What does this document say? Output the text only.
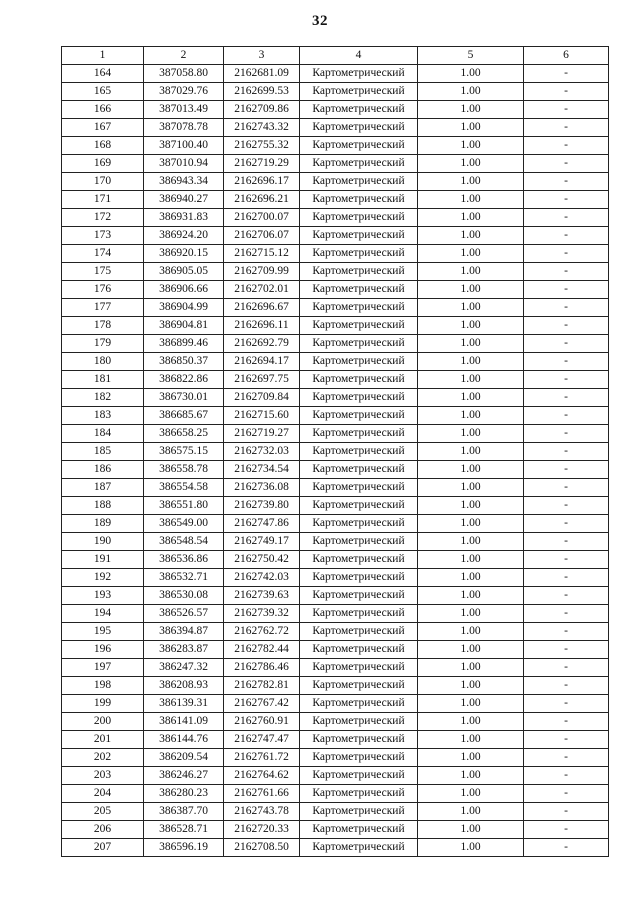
32
1	2	3	4	5	6
164	387058.80	2162681.09	Картометрический	1.00	-
165	387029.76	2162699.53	Картометрический	1.00	-
166	387013.49	2162709.86	Картометрический	1.00	-
167	387078.78	2162743.32	Картометрический	1.00	-
168	387100.40	2162755.32	Картометрический	1.00	-
169	387010.94	2162719.29	Картометрический	1.00	-
170	386943.34	2162696.17	Картометрический	1.00	-
171	386940.27	2162696.21	Картометрический	1.00	-
172	386931.83	2162700.07	Картометрический	1.00	-
173	386924.20	2162706.07	Картометрический	1.00	-
174	386920.15	2162715.12	Картометрический	1.00	-
175	386905.05	2162709.99	Картометрический	1.00	-
176	386906.66	2162702.01	Картометрический	1.00	-
177	386904.99	2162696.67	Картометрический	1.00	-
178	386904.81	2162696.11	Картометрический	1.00	-
179	386899.46	2162692.79	Картометрический	1.00	-
180	386850.37	2162694.17	Картометрический	1.00	-
181	386822.86	2162697.75	Картометрический	1.00	-
182	386730.01	2162709.84	Картометрический	1.00	-
183	386685.67	2162715.60	Картометрический	1.00	-
184	386658.25	2162719.27	Картометрический	1.00	-
185	386575.15	2162732.03	Картометрический	1.00	-
186	386558.78	2162734.54	Картометрический	1.00	-
187	386554.58	2162736.08	Картометрический	1.00	-
188	386551.80	2162739.80	Картометрический	1.00	-
189	386549.00	2162747.86	Картометрический	1.00	-
190	386548.54	2162749.17	Картометрический	1.00	-
191	386536.86	2162750.42	Картометрический	1.00	-
192	386532.71	2162742.03	Картометрический	1.00	-
193	386530.08	2162739.63	Картометрический	1.00	-
194	386526.57	2162739.32	Картометрический	1.00	-
195	386394.87	2162762.72	Картометрический	1.00	-
196	386283.87	2162782.44	Картометрический	1.00	-
197	386247.32	2162786.46	Картометрический	1.00	-
198	386208.93	2162782.81	Картометрический	1.00	-
199	386139.31	2162767.42	Картометрический	1.00	-
200	386141.09	2162760.91	Картометрический	1.00	-
201	386144.76	2162747.47	Картометрический	1.00	-
202	386209.54	2162761.72	Картометрический	1.00	-
203	386246.27	2162764.62	Картометрический	1.00	-
204	386280.23	2162761.66	Картометрический	1.00	-
205	386387.70	2162743.78	Картометрический	1.00	-
206	386528.71	2162720.33	Картометрический	1.00	-
207	386596.19	2162708.50	Картометрический	1.00	-
